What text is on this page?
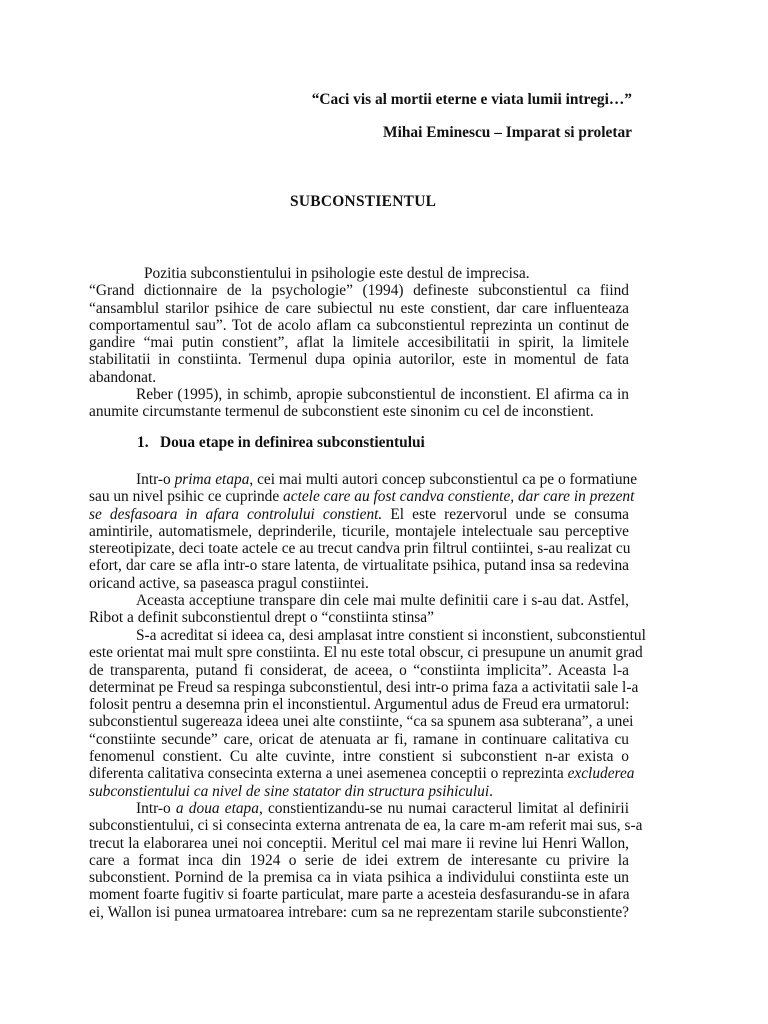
“Caci vis al mortii eterne e viata lumii intregi…”
Mihai Eminescu – Imparat si proletar
SUBCONSTIENTUL

Pozitia subconstientului in psihologie este destul de imprecisa.
“Grand dictionnaire de la psychologie” (1994) defineste subconstientul ca fiind
“ansamblul starilor psihice de care subiectul nu este constient, dar care influenteaza
comportamentul sau”. Tot de acolo aflam ca subconstientul reprezinta un continut de
gandire “mai putin constient”, aflat la limitele accesibilitatii in spirit, la limitele
stabilitatii in constiinta. Termenul dupa opinia autorilor, este in momentul de fata
abandonat.

Reber (1995), in schimb, apropie subconstientul de inconstient. El afirma ca in
anumite circumstante termenul de subconstient este sinonim cu cel de inconstient.

1. Doua etape in definirea subconstientului

Intr-o prima etapa, cei mai multi autori concep subconstientul ca pe o formatiune
sau un nivel psihic ce cuprinde actele care au fost candva constiente, dar care in prezent
se desfasoara in afara controlului constient. El este rezervorul unde se consuma
amintirile, automatismele, deprinderile, ticurile, montajele intelectuale sau perceptive
stereotipizate, deci toate actele ce au trecut candva prin filtrul contiintei, s-au realizat cu
efort, dar care se afla intr-o stare latenta, de virtualitate psihica, putand insa sa redevina
oricand active, sa paseasca pragul constiintei.

Aceasta acceptiune transpare din cele mai multe definitii care i s-au dat. Astfel,
Ribot a definit subconstientul drept o “constiinta stinsa”

S-a acreditat si ideea ca, desi amplasat intre constient si inconstient, subconstientul
este orientat mai mult spre constiinta. El nu este total obscur, ci presupune un anumit grad
de transparenta, putand fi considerat, de aceea, o “constiinta implicita”. Aceasta l-a
determinat pe Freud sa respinga subconstientul, desi intr-o prima faza a activitatii sale l-a
folosit pentru a desemna prin el inconstientul. Argumentul adus de Freud era urmatorul:
subconstientul sugereaza ideea unei alte constiinte, “ca sa spunem asa subterana”, a unei
“constiinte secunde” care, oricat de atenuata ar fi, ramane in continuare calitativa cu
fenomenul constient. Cu alte cuvinte, intre constient si subconstient n-ar exista o
diferenta calitativa consecinta externa a unei asemenea conceptii o reprezinta excluderea
subconstientului ca nivel de sine statator din structura psihicului.

Intr-o a doua etapa, constientizandu-se nu numai caracterul limitat al definirii
subconstientului, ci si consecinta externa antrenata de ea, la care m-am referit mai sus, s-a
trecut la elaborarea unei noi conceptii. Meritul cel mai mare ii revine lui Henri Wallon,
care a format inca din 1924 o serie de idei extrem de interesante cu privire la
subconstient. Pornind de la premisa ca in viata psihica a individului constiinta este un
moment foarte fugitiv si foarte particulat, mare parte a acesteia desfasurandu-se in afara
ei, Wallon isi punea urmatoarea intrebare: cum sa ne reprezentam starile subconstiente?
